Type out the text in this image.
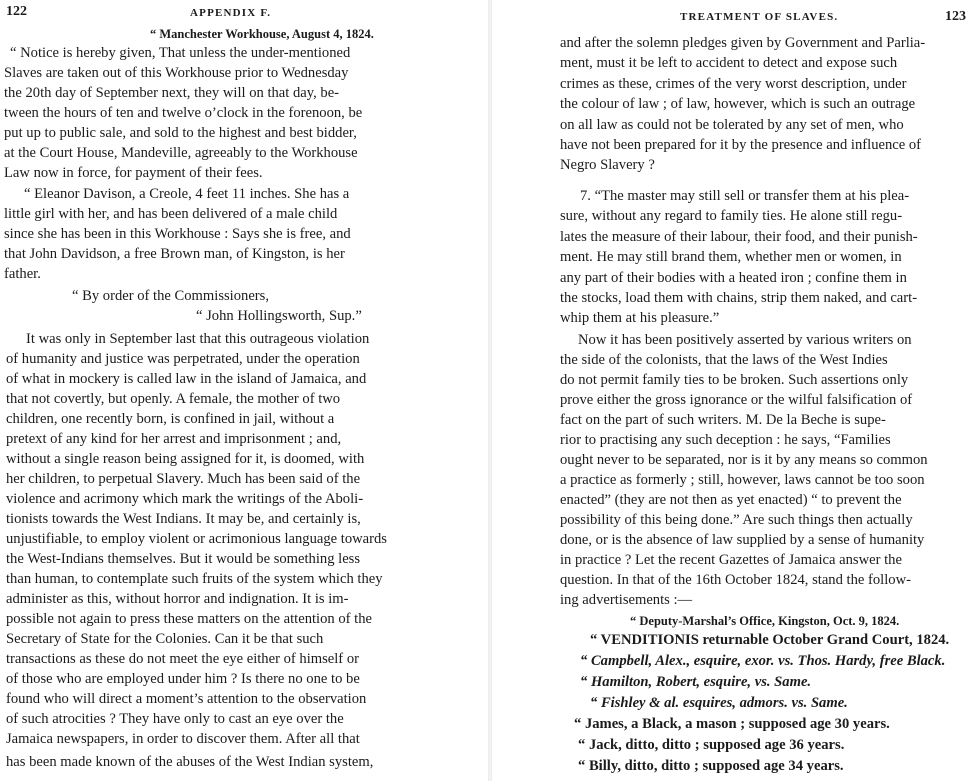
122	APPENDIX F.
“ Manchester Workhouse, August 4, 1824.
“ Notice is hereby given, That unless the under-mentioned
Slaves are taken out of this Workhouse prior to Wednesday
the 20th day of September next, they will on that day, be-
tween the hours of ten and twelve o’clock in the forenoon, be
put up to public sale, and sold to the highest and best bidder,
at the Court House, Mandeville, agreeably to the Workhouse
Law now in force, for payment of their fees.
“ Eleanor Davison, a Creole, 4 feet 11 inches. She has a
little girl with her, and has been delivered of a male child
since she has been in this Workhouse : Says she is free, and
that John Davidson, a free Brown man, of Kingston, is her
father.
“ By order of the Commissioners,
“ John Hollingsworth, Sup.”
It was only in September last that this outrageous violation
of humanity and justice was perpetrated, under the operation
of what in mockery is called law in the island of Jamaica, and
that not covertly, but openly. A female, the mother of two
children, one recently born, is confined in jail, without a
pretext of any kind for her arrest and imprisonment ; and,
without a single reason being assigned for it, is doomed, with
her children, to perpetual Slavery. Much has been said of the
violence and acrimony which mark the writings of the Aboli-
tionists towards the West Indians. It may be, and certainly is,
unjustifiable, to employ violent or acrimonious language towards
the West-Indians themselves. But it would be something less
than human, to contemplate such fruits of the system which they
administer as this, without horror and indignation. It is im-
possible not again to press these matters on the attention of the
Secretary of State for the Colonies. Can it be that such
transactions as these do not meet the eye either of himself or
of those who are employed under him ? Is there no one to be
found who will direct a moment’s attention to the observation
of such atrocities ? They have only to cast an eye over the
Jamaica newspapers, in order to discover them. After all that
has been made known of the abuses of the West Indian system,
TREATMENT OF SLAVES.	123
and after the solemn pledges given by Government and Parlia-
ment, must it be left to accident to detect and expose such
crimes as these, crimes of the very worst description, under
the colour of law ; of law, however, which is such an outrage
on all law as could not be tolerated by any set of men, who
have not been prepared for it by the presence and influence of
Negro Slavery ?
7. “The master may still sell or transfer them at his plea-
sure, without any regard to family ties. He alone still regu-
lates the measure of their labour, their food, and their punish-
ment. He may still brand them, whether men or women, in
any part of their bodies with a heated iron ; confine them in
the stocks, load them with chains, strip them naked, and cart-
whip them at his pleasure.”
Now it has been positively asserted by various writers on
the side of the colonists, that the laws of the West Indies
do not permit family ties to be broken. Such assertions only
prove either the gross ignorance or the wilful falsification of
fact on the part of such writers. M. De la Beche is supe-
rior to practising any such deception : he says, “Families
ought never to be separated, nor is it by any means so common
a practice as formerly ; still, however, laws cannot be too soon
enacted” (they are not then as yet enacted) “ to prevent the
possibility of this being done.” Are such things then actually
done, or is the absence of law supplied by a sense of humanity
in practice ? Let the recent Gazettes of Jamaica answer the
question. In that of the 16th October 1824, stand the follow-
ing advertisements :—
“ Deputy-Marshal’s Office, Kingston, Oct. 9, 1824.
“ VENDITIONIS returnable October Grand Court, 1824.
“ Campbell, Alex., esquire, exor. vs. Thos. Hardy, free Black.
“ Hamilton, Robert, esquire, vs. Same.
“ Fishley & al. esquires, admors. vs. Same.
“ James, a Black, a mason ; supposed age 30 years.
“ Jack, ditto, ditto ; supposed age 36 years.
“ Billy, ditto, ditto ; supposed age 34 years.
